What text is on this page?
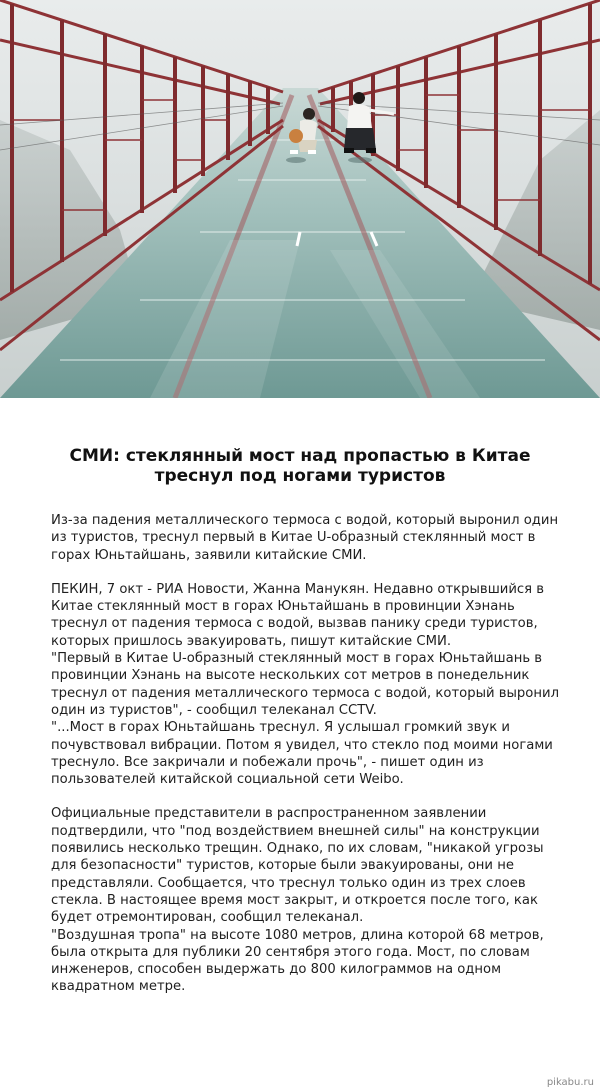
СМИ: стеклянный мост над пропастью в Китае треснул под ногами туристов

Из-за падения металлического термоса с водой, который выронил один из туристов, треснул первый в Китае U-образный стеклянный мост в горах Юньтайшань, заявили китайские СМИ.

ПЕКИН, 7 окт - РИА Новости, Жанна Манукян. Недавно открывшийся в Китае стеклянный мост в горах Юньтайшань в провинции Хэнань треснул от падения термоса с водой, вызвав панику среди туристов, которых пришлось эвакуировать, пишут китайские СМИ.

"Первый в Китае U-образный стеклянный мост в горах Юньтайшань в провинции Хэнань на высоте нескольких сот метров в понедельник треснул от падения металлического термоса с водой, который выронил один из туристов", - сообщил телеканал CCTV.

"...Мост в горах Юньтайшань треснул. Я услышал громкий звук и почувствовал вибрации. Потом я увидел, что стекло под моими ногами треснуло. Все закричали и побежали прочь", - пишет один из пользователей китайской социальной сети Weibo.

Официальные представители в распространенном заявлении подтвердили, что "под воздействием внешней силы" на конструкции появились несколько трещин. Однако, по их словам, "никакой угрозы для безопасности" туристов, которые были эвакуированы, они не представляли. Сообщается, что треснул только один из трех слоев стекла. В настоящее время мост закрыт, и откроется после того, как будет отремонтирован, сообщил телеканал.

"Воздушная тропа" на высоте 1080 метров, длина которой 68 метров, была открыта для публики 20 сентября этого года. Мост, по словам инженеров, способен выдержать до 800 килограммов на одном квадратном метре.

pikabu.ru
